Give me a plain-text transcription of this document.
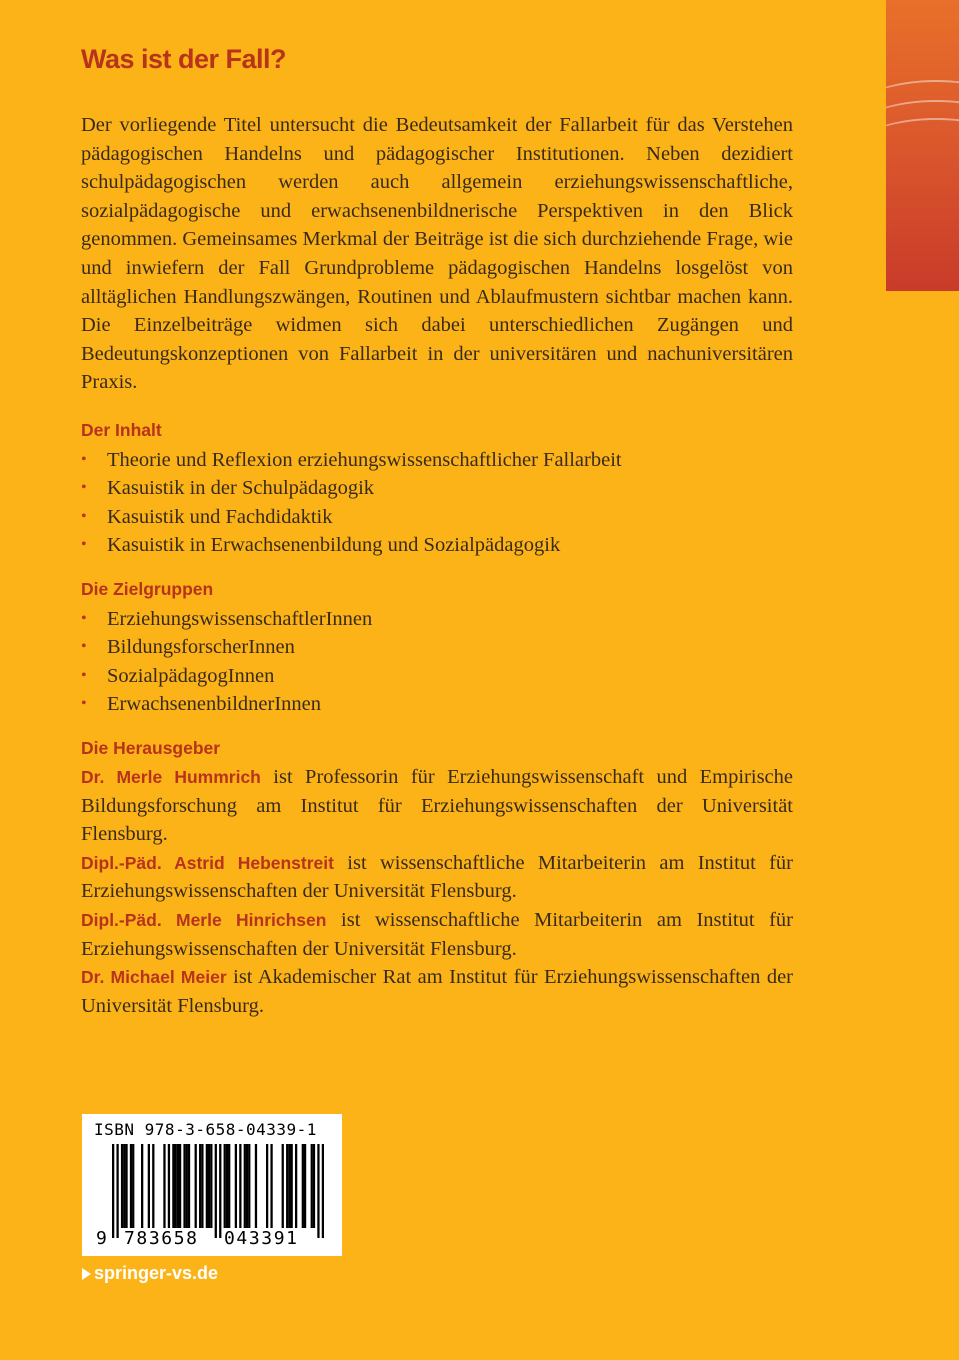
Was ist der Fall?

Der vorliegende Titel untersucht die Bedeutsamkeit der Fallarbeit für das Verstehen pädagogischen Handelns und pädagogischer Institutionen. Neben dezidiert schulpädagogischen werden auch allgemein erziehungswissenschaftliche, sozialpädagogische und erwachsenenbildnerische Perspektiven in den Blick genommen. Gemeinsames Merkmal der Beiträge ist die sich durchziehende Frage, wie und inwiefern der Fall Grundprobleme pädagogischen Handelns losgelöst von alltäglichen Handlungszwängen, Routinen und Ablaufmustern sichtbar machen kann. Die Einzelbeiträge widmen sich dabei unterschiedlichen Zugängen und Bedeutungskonzeptionen von Fallarbeit in der universitären und nachuniversitären Praxis.

Der Inhalt
• Theorie und Reflexion erziehungswissenschaftlicher Fallarbeit
• Kasuistik in der Schulpädagogik
• Kasuistik und Fachdidaktik
• Kasuistik in Erwachsenenbildung und Sozialpädagogik
Die Zielgruppen
• ErziehungswissenschaftlerInnen
• BildungsforscherInnen
• SozialpädagogInnen
• ErwachsenenbildnerInnen
Die Herausgeber

Dr. Merle Hummrich ist Professorin für Erziehungswissenschaft und Empirische Bildungsforschung am Institut für Erziehungswissenschaften der Universität Flensburg.

Dipl.-Päd. Astrid Hebenstreit ist wissenschaftliche Mitarbeiterin am Institut für Erziehungswissenschaften der Universität Flensburg.

Dipl.-Päd. Merle Hinrichsen ist wissenschaftliche Mitarbeiterin am Institut für Erziehungswissenschaften der Universität Flensburg.

Dr. Michael Meier ist Akademischer Rat am Institut für Erziehungswissenschaften der Universität Flensburg.

ISBN 978-3-658-04339-1
9 783658 043391
springer-vs.de
